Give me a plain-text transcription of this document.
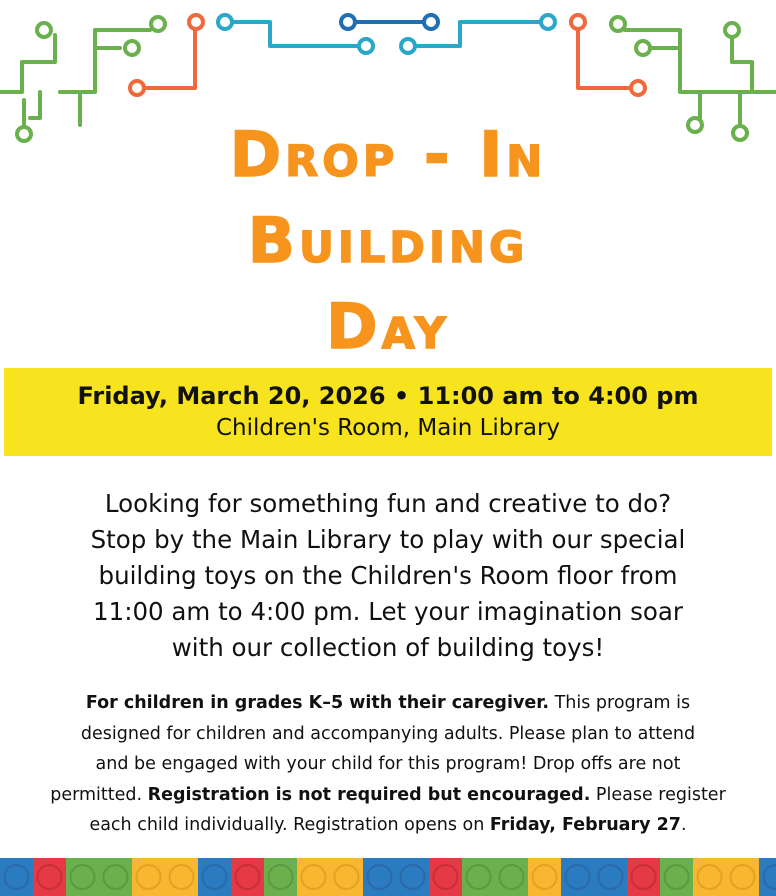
Drop - In
Building
Day
Friday, March 20, 2026 • 11:00 am to 4:00 pm
Children's Room, Main Library
Looking for something fun and creative to do?
Stop by the Main Library to play with our special
building toys on the Children's Room floor from
11:00 am to 4:00 pm. Let your imagination soar
with our collection of building toys!
For children in grades K–5 with their caregiver. This program is
designed for children and accompanying adults. Please plan to attend
and be engaged with your child for this program! Drop offs are not
permitted. Registration is not required but encouraged. Please register
each child individually. Registration opens on Friday, February 27.
